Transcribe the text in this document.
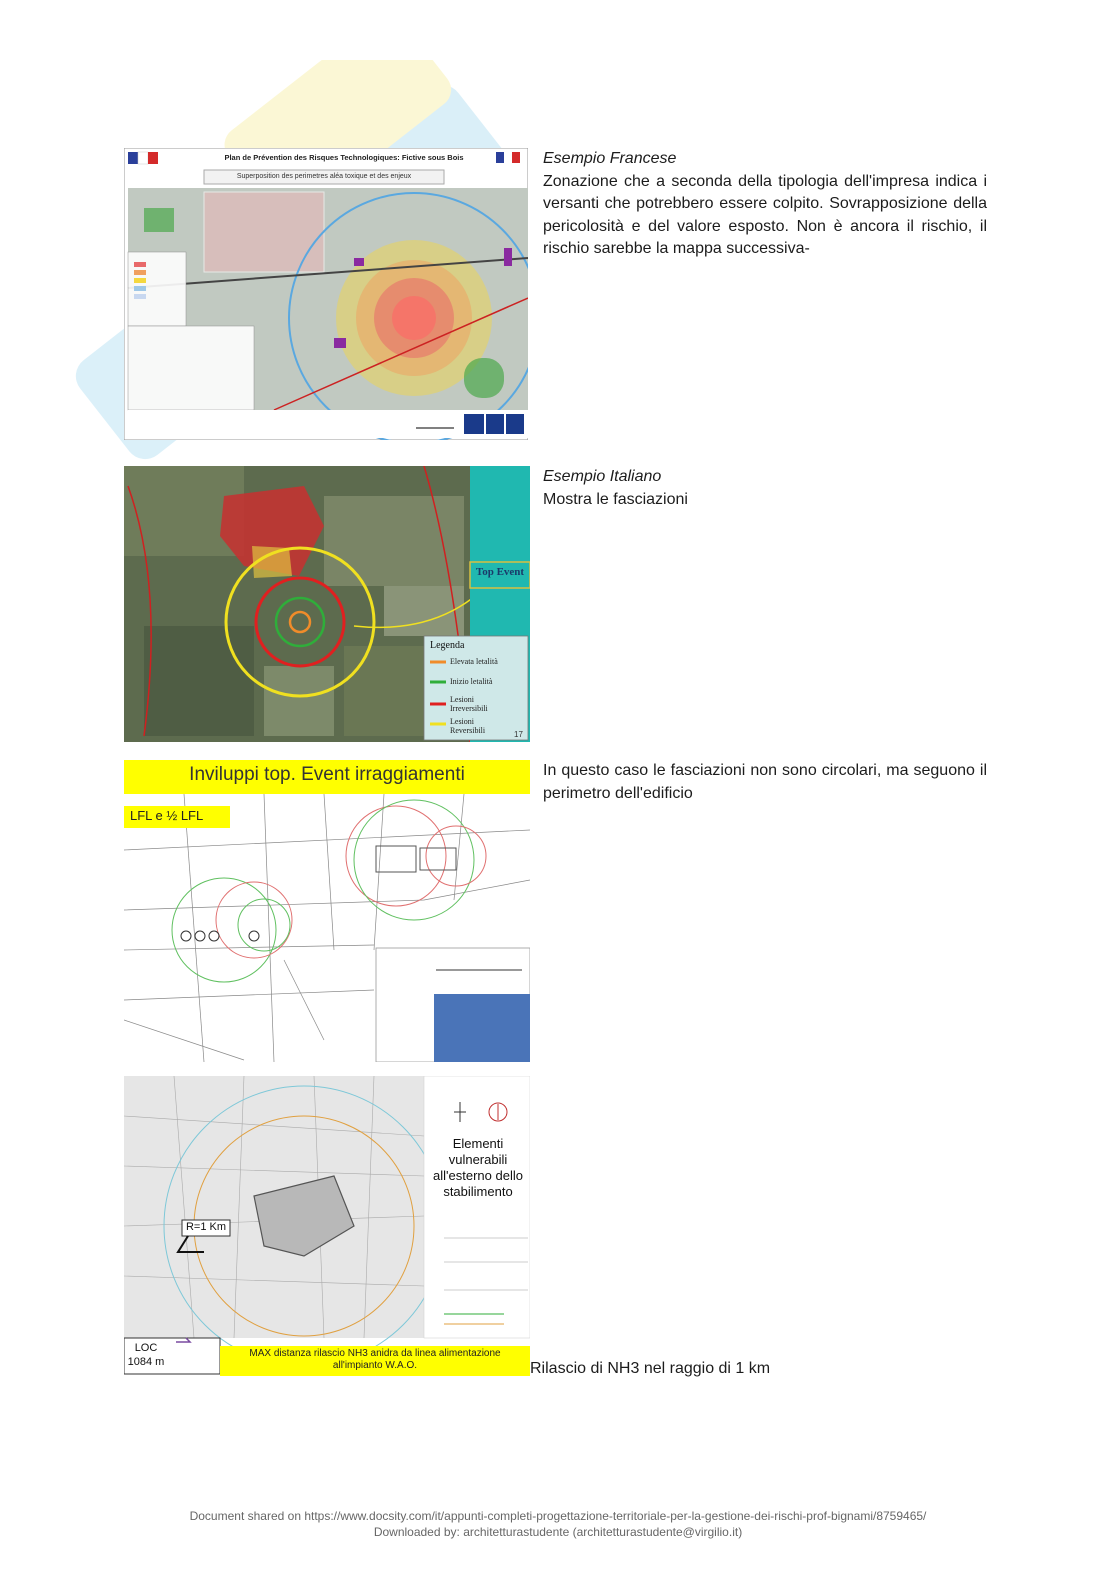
Plan de Prévention des Risques Technologiques: Fictive sous Bois
Superposition des perimetres aléa toxique et des enjeux
Esempio Francese
Zonazione che a seconda della tipologia dell'impresa indica i versanti che potrebbero essere colpito. Sovrapposizione della pericolosità e del valore esposto. Non è ancora il rischio, il rischio sarebbe la mappa successiva-
Top Event
Legenda
Elevata letalità
Inizio letalità
Lesioni Irreversibili
Lesioni Reversibili	17
Esempio Italiano
Mostra le fasciazioni
Inviluppi top. Event irraggiamenti
LFL e ½ LFL
In questo caso le fasciazioni non sono circolari, ma seguono il perimetro dell'edificio
Elementi vulnerabili all'esterno dello stabilimento
R=1 Km
LOC
1084 m
MAX distanza rilascio NH3 anidra da linea alimentazione
all'impianto W.A.O.	Rilascio di NH3 nel raggio di 1 km
Document shared on https://www.docsity.com/it/appunti-completi-progettazione-territoriale-per-la-gestione-dei-rischi-prof-bignami/8759465/
Downloaded by: architetturastudente (architetturastudente@virgilio.it)
